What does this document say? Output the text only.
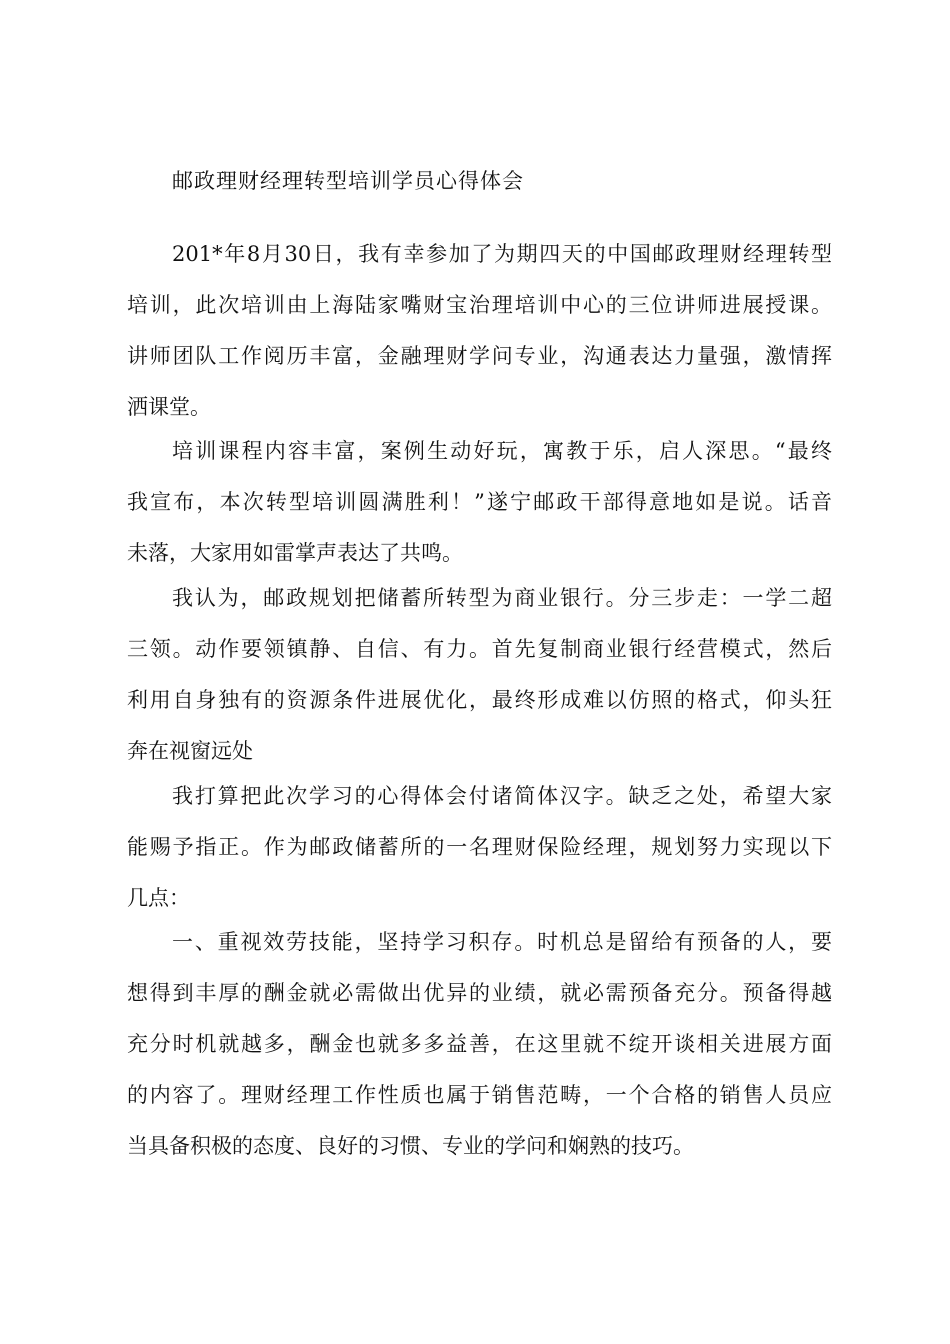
邮政理财经理转型培训学员心得体会

201*年8月30日，我有幸参加了为期四天的中国邮政理财经理转型
培训，此次培训由上海陆家嘴财宝治理培训中心的三位讲师进展授课。
讲师团队工作阅历丰富，金融理财学问专业，沟通表达力量强，激情挥
洒课堂。

培训课程内容丰富，案例生动好玩，寓教于乐，启人深思。“最终
我宣布，本次转型培训圆满胜利！”遂宁邮政干部得意地如是说。话音
未落，大家用如雷掌声表达了共鸣。

我认为，邮政规划把储蓄所转型为商业银行。分三步走：一学二超
三领。动作要领镇静、自信、有力。首先复制商业银行经营模式，然后
利用自身独有的资源条件进展优化，最终形成难以仿照的格式，仰头狂
奔在视窗远处

我打算把此次学习的心得体会付诸简体汉字。缺乏之处，希望大家
能赐予指正。作为邮政储蓄所的一名理财保险经理，规划努力实现以下
几点：

一、重视效劳技能，坚持学习积存。时机总是留给有预备的人，要
想得到丰厚的酬金就必需做出优异的业绩，就必需预备充分。预备得越
充分时机就越多，酬金也就多多益善，在这里就不绽开谈相关进展方面
的内容了。理财经理工作性质也属于销售范畴，一个合格的销售人员应
当具备积极的态度、良好的习惯、专业的学问和娴熟的技巧。
